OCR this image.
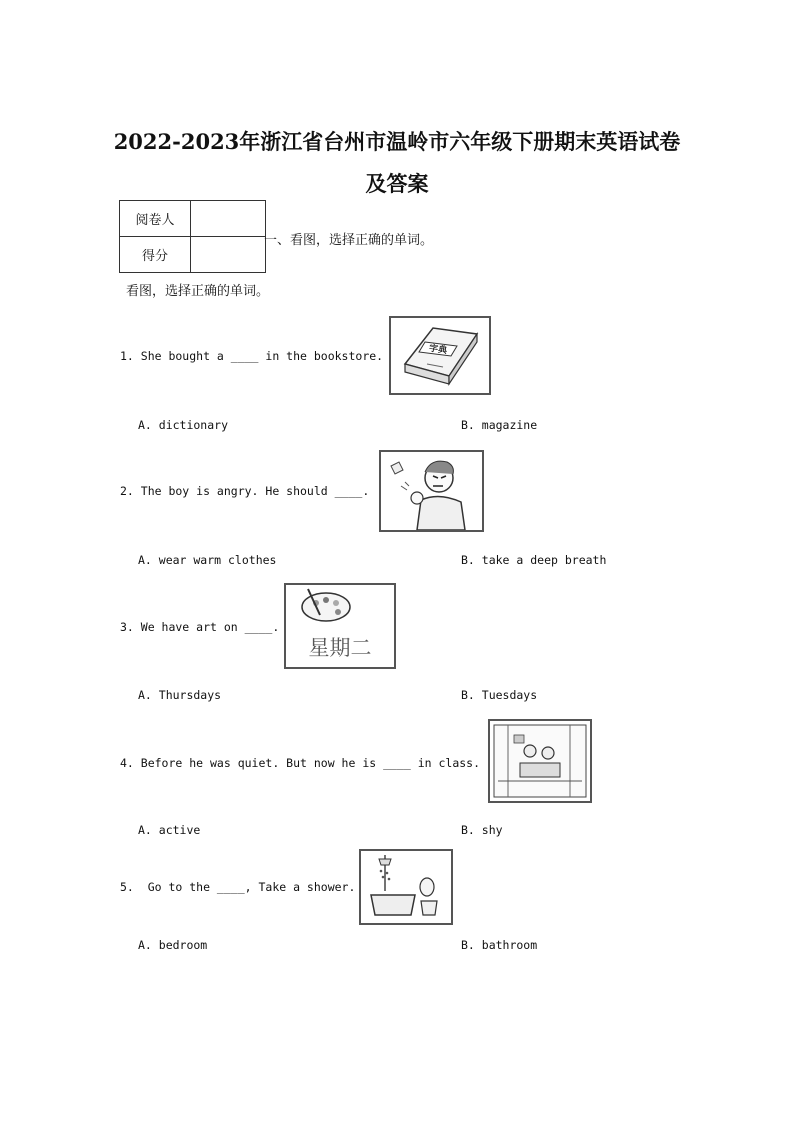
2022-2023年浙江省台州市温岭市六年级下册期末英语试卷
及答案
阅卷人	
得分	
一、看图，选择正确的单词。
看图，选择正确的单词。
1. She bought a ____ in the bookstore.	字典
A. dictionary	B. magazine
2. The boy is angry. He should ____.
A. wear warm clothes	B. take a deep breath
3. We have art on ____.
星期二
A. Thursdays	B. Tuesdays
4. Before he was quiet. But now he is ____ in class.
A. active	B. shy
5.  Go to the ____, Take a shower.
A. bedroom	B. bathroom
